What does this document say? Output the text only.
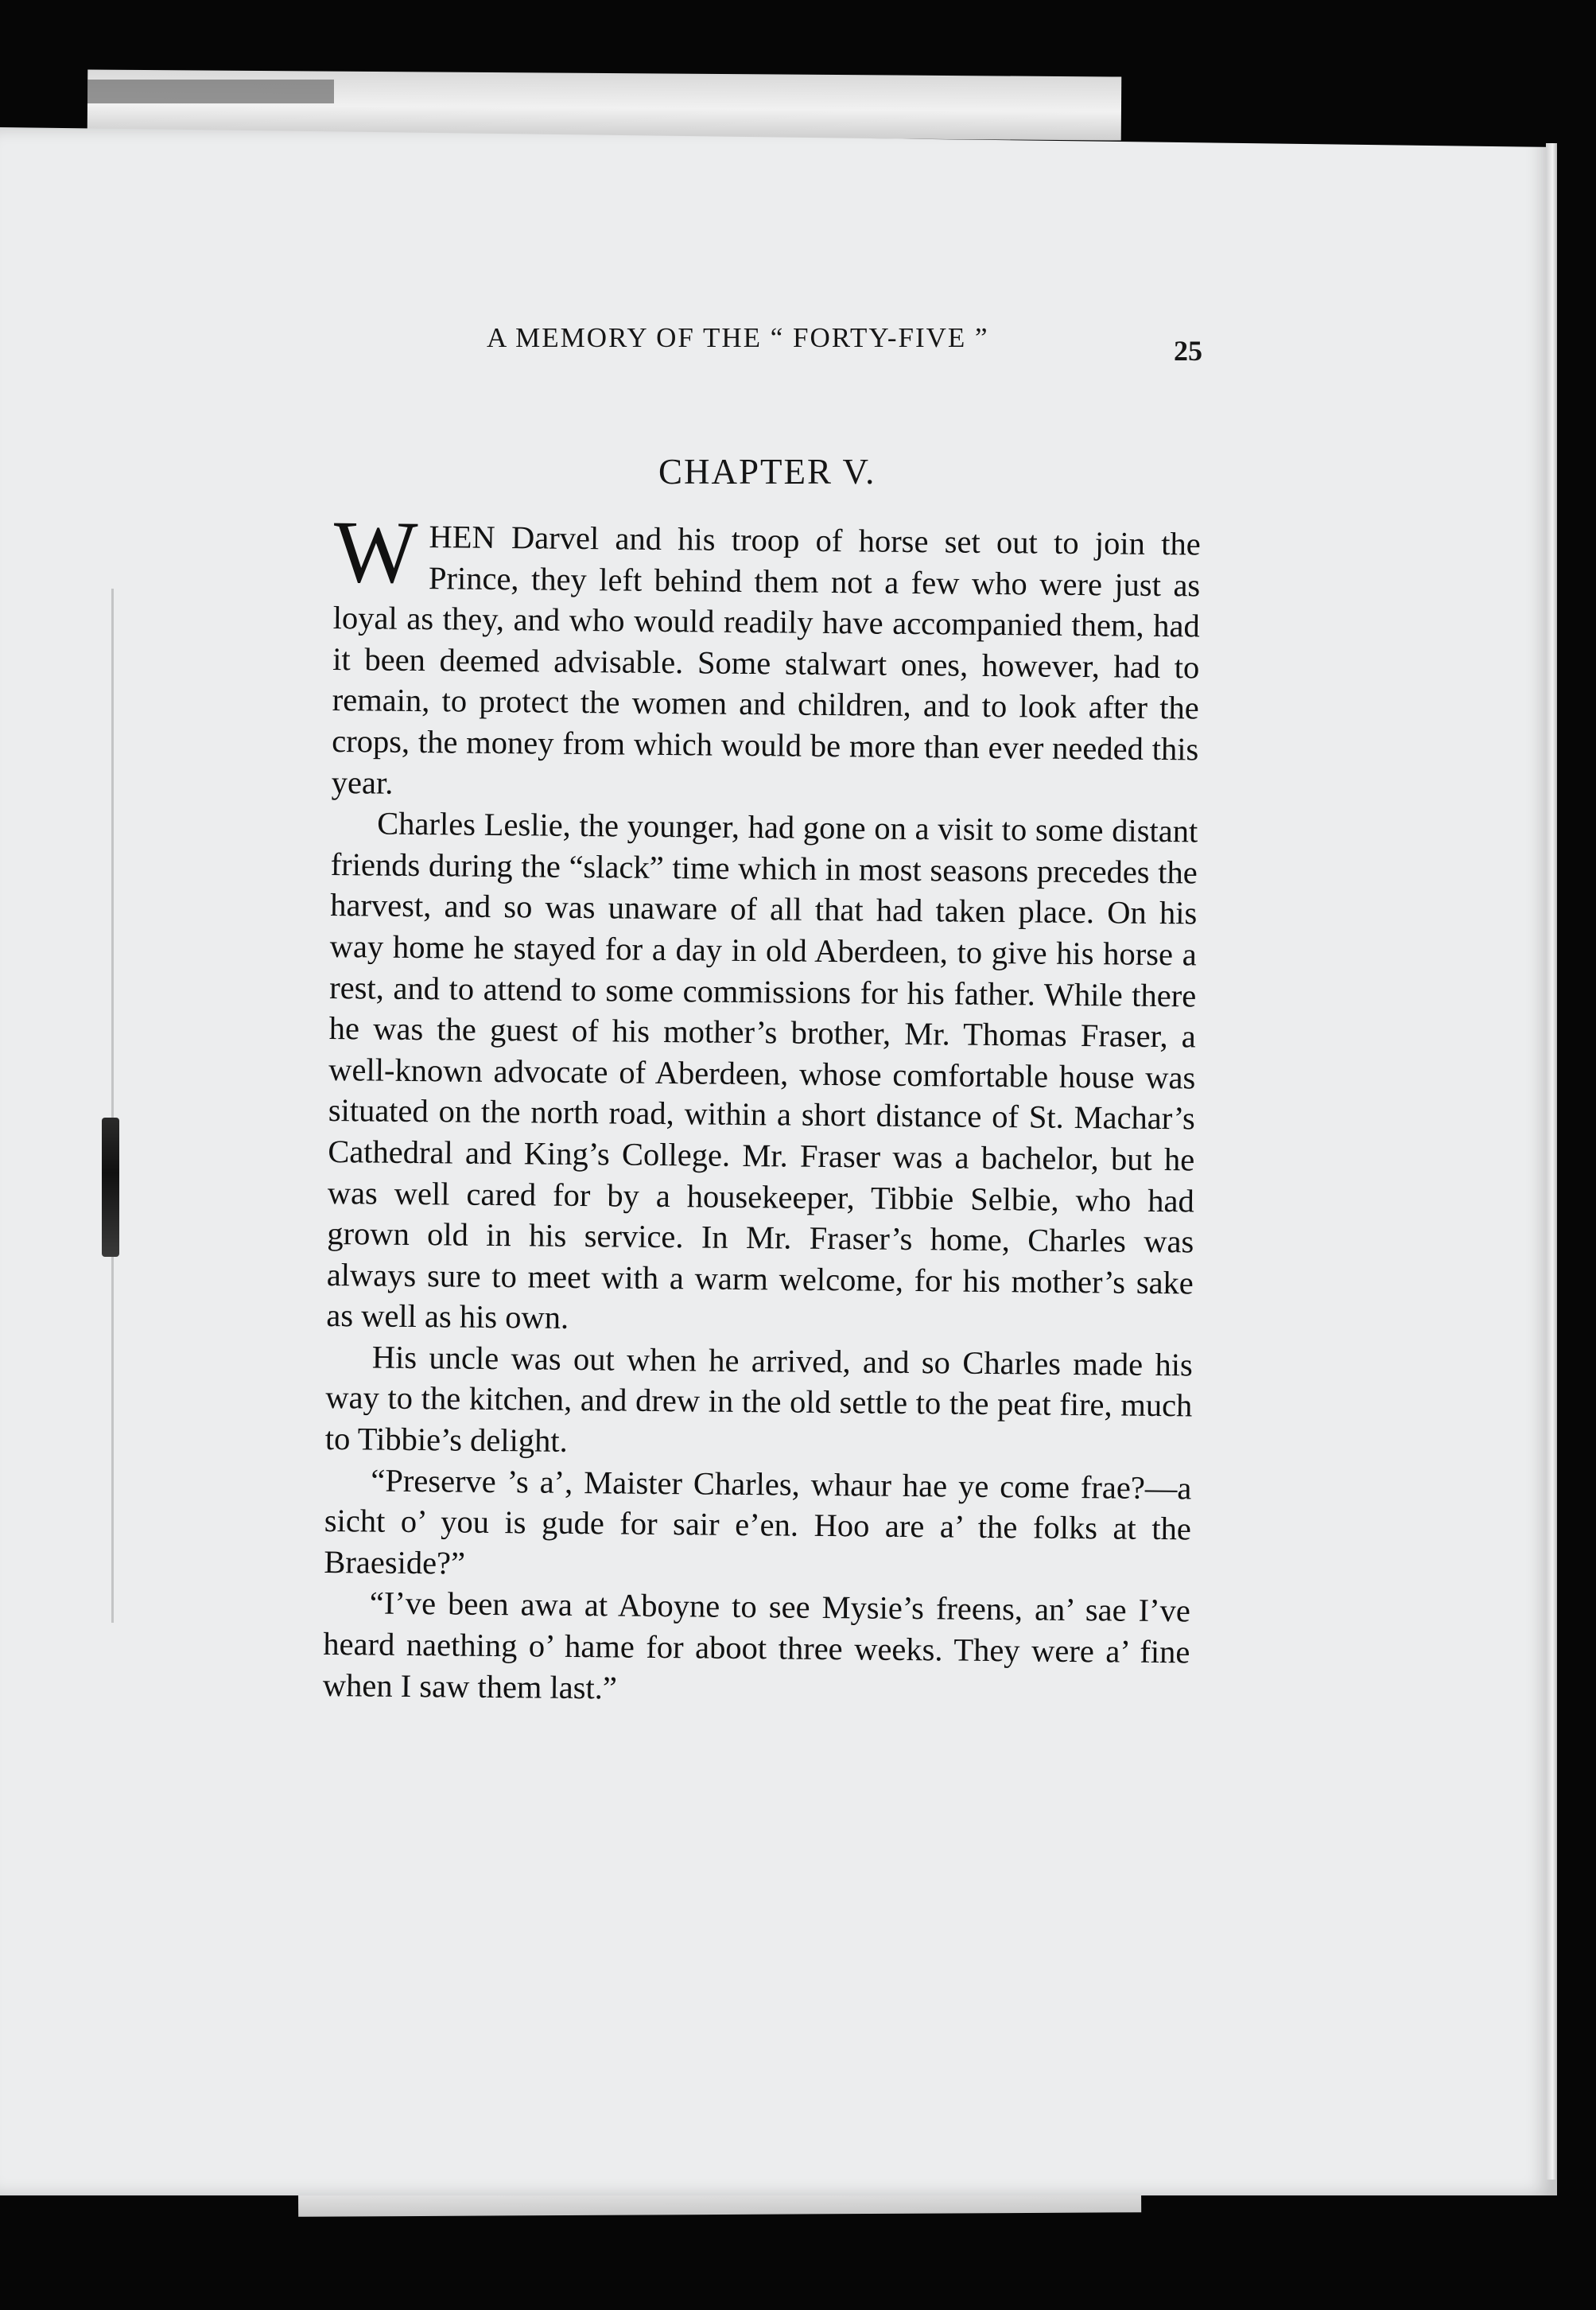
A MEMORY OF THE “ FORTY-FIVE ”	25
CHAPTER V.

WHEN Darvel and his troop of horse set out to join the Prince, they left behind them not a few who were just as loyal as they, and who would readily have accompanied them, had it been deemed advisable. Some stalwart ones, however, had to remain, to protect the women and children, and to look after the crops, the money from which would be more than ever needed this year.

Charles Leslie, the younger, had gone on a visit to some distant friends during the “slack” time which in most seasons precedes the harvest, and so was unaware of all that had taken place. On his way home he stayed for a day in old Aberdeen, to give his horse a rest, and to attend to some commissions for his father. While there he was the guest of his mother’s brother, Mr. Thomas Fraser, a well-known advocate of Aberdeen, whose comfortable house was situated on the north road, within a short distance of St. Machar’s Cathedral and King’s College. Mr. Fraser was a bachelor, but he was well cared for by a housekeeper, Tibbie Selbie, who had grown old in his service. In Mr. Fraser’s home, Charles was always sure to meet with a warm welcome, for his mother’s sake as well as his own.

His uncle was out when he arrived, and so Charles made his way to the kitchen, and drew in the old settle to the peat fire, much to Tibbie’s delight.

“Preserve ’s a’, Maister Charles, whaur hae ye come frae?—a sicht o’ you is gude for sair e’en. Hoo are a’ the folks at the Braeside?”

“I’ve been awa at Aboyne to see Mysie’s freens, an’ sae I’ve heard naething o’ hame for aboot three weeks. They were a’ fine when I saw them last.”
